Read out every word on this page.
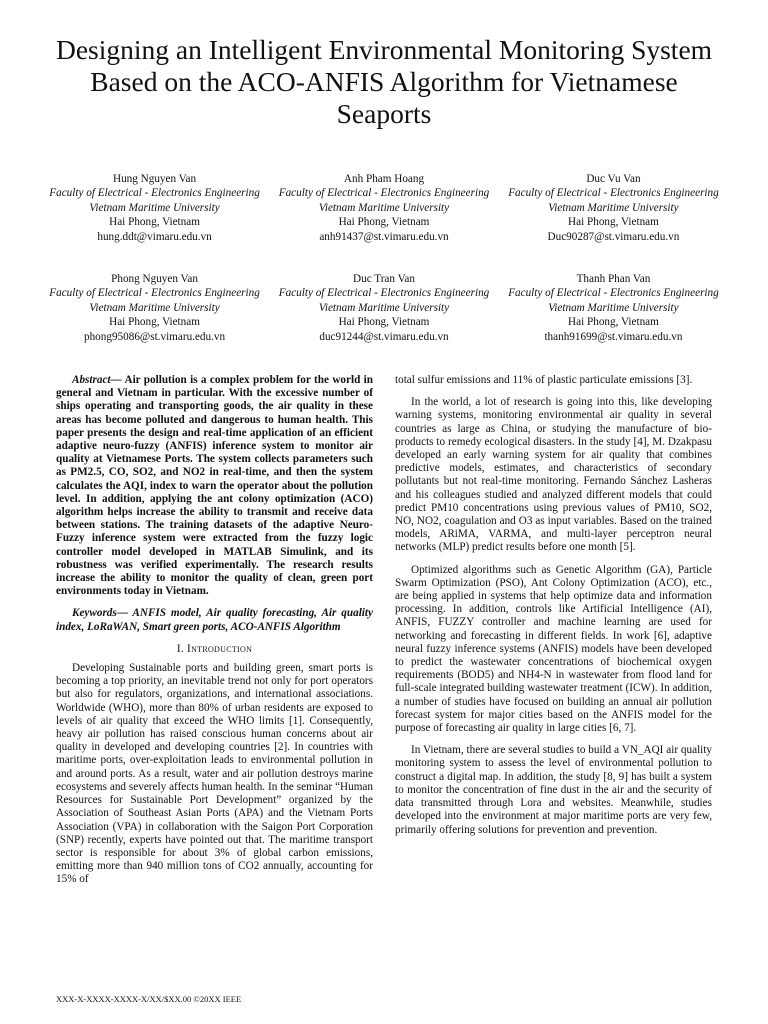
Designing an Intelligent Environmental Monitoring System Based on the ACO-ANFIS Algorithm for Vietnamese Seaports
Hung Nguyen Van
Faculty of Electrical - Electronics Engineering
Vietnam Maritime University
Hai Phong, Vietnam
hung.ddt@vimaru.edu.vn
Anh Pham Hoang
Faculty of Electrical - Electronics Engineering
Vietnam Maritime University
Hai Phong, Vietnam
anh91437@st.vimaru.edu.vn
Duc Vu Van
Faculty of Electrical - Electronics Engineering
Vietnam Maritime University
Hai Phong, Vietnam
Duc90287@st.vimaru.edu.vn
Phong Nguyen Van
Faculty of Electrical - Electronics Engineering
Vietnam Maritime University
Hai Phong, Vietnam
phong95086@st.vimaru.edu.vn
Duc Tran Van
Faculty of Electrical - Electronics Engineering
Vietnam Maritime University
Hai Phong, Vietnam
duc91244@st.vimaru.edu.vn
Thanh Phan Van
Faculty of Electrical - Electronics Engineering
Vietnam Maritime University
Hai Phong, Vietnam
thanh91699@st.vimaru.edu.vn

Abstract— Air pollution is a complex problem for the world in general and Vietnam in particular. With the excessive number of ships operating and transporting goods, the air quality in these areas has become polluted and dangerous to human health. This paper presents the design and real-time application of an efficient adaptive neuro-fuzzy (ANFIS) inference system to monitor air quality at Vietnamese Ports. The system collects parameters such as PM2.5, CO, SO2, and NO2 in real-time, and then the system calculates the AQI, index to warn the operator about the pollution level. In addition, applying the ant colony optimization (ACO) algorithm helps increase the ability to transmit and receive data between stations. The training datasets of the adaptive Neuro-Fuzzy inference system were extracted from the fuzzy logic controller model developed in MATLAB Simulink, and its robustness was verified experimentally. The research results increase the ability to monitor the quality of clean, green port environments today in Vietnam.

Keywords— ANFIS model, Air quality forecasting, Air quality index, LoRaWAN, Smart green ports, ACO-ANFIS Algorithm

I. Introduction

Developing Sustainable ports and building green, smart ports is becoming a top priority, an inevitable trend not only for port operators but also for regulators, organizations, and international associations. Worldwide (WHO), more than 80% of urban residents are exposed to levels of air quality that exceed the WHO limits [1]. Consequently, heavy air pollution has raised conscious human concerns about air quality in developed and developing countries [2]. In countries with maritime ports, over-exploitation leads to environmental pollution in and around ports. As a result, water and air pollution destroys marine ecosystems and severely affects human health. In the seminar “Human Resources for Sustainable Port Development” organized by the Association of Southeast Asian Ports (APA) and the Vietnam Ports Association (VPA) in collaboration with the Saigon Port Corporation (SNP) recently, experts have pointed out that. The maritime transport sector is responsible for about 3% of global carbon emissions, emitting more than 940 million tons of CO2 annually, accounting for 15% of

total sulfur emissions and 11% of plastic particulate emissions [3].

In the world, a lot of research is going into this, like developing warning systems, monitoring environmental air quality in several countries as large as China, or studying the manufacture of bio-products to remedy ecological disasters. In the study [4], M. Dzakpasu developed an early warning system for air quality that combines predictive models, estimates, and characteristics of secondary pollutants but not real-time monitoring. Fernando Sánchez Lasheras and his colleagues studied and analyzed different models that could predict PM10 concentrations using previous values of PM10, SO2, NO, NO2, coagulation and O3 as input variables. Based on the trained models, ARiMA, VARMA, and multi-layer perceptron neural networks (MLP) predict results before one month [5].

Optimized algorithms such as Genetic Algorithm (GA), Particle Swarm Optimization (PSO), Ant Colony Optimization (ACO), etc., are being applied in systems that help optimize data and information processing. In addition, controls like Artificial Intelligence (AI), ANFIS, FUZZY controller and machine learning are used for networking and forecasting in different fields. In work [6], adaptive neural fuzzy inference systems (ANFIS) models have been developed to predict the wastewater concentrations of biochemical oxygen requirements (BOD5) and NH4-N in wastewater from flood land for full-scale integrated building wastewater treatment (ICW). In addition, a number of studies have focused on building an annual air pollution forecast system for major cities based on the ANFIS model for the purpose of forecasting air quality in large cities [6, 7].

In Vietnam, there are several studies to build a VN_AQI air quality monitoring system to assess the level of environmental pollution to construct a digital map. In addition, the study [8, 9] has built a system to monitor the concentration of fine dust in the air and the security of data transmitted through Lora and websites. Meanwhile, studies developed into the environment at major maritime ports are very few, primarily offering solutions for prevention and prevention.

XXX-X-XXXX-XXXX-X/XX/$XX.00 ©20XX IEEE
